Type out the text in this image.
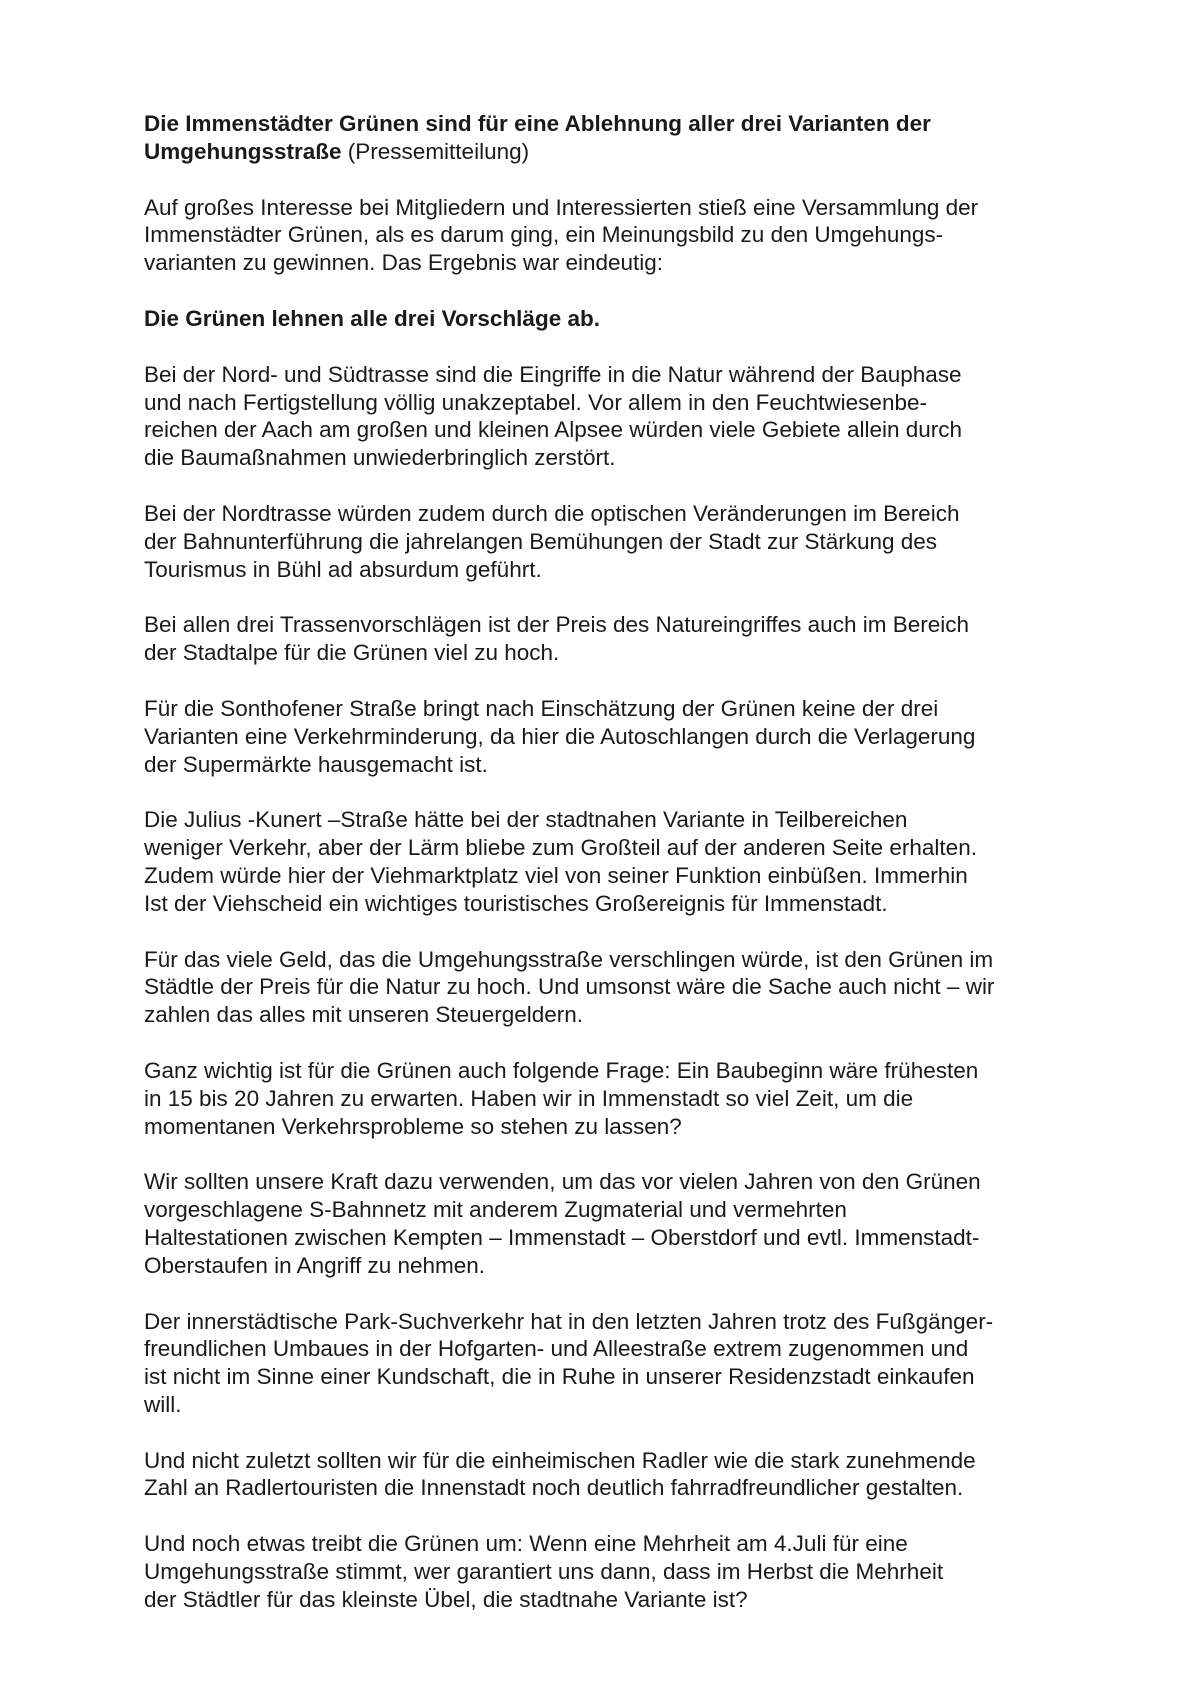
Die Immenstädter Grünen sind für eine Ablehnung aller drei Varianten der
Umgehungsstraße (Pressemitteilung)

Auf großes Interesse bei Mitgliedern und Interessierten stieß eine Versammlung der
Immenstädter Grünen, als es darum ging, ein Meinungsbild zu den Umgehungs-
varianten zu gewinnen. Das Ergebnis war eindeutig:

Die Grünen lehnen alle drei Vorschläge ab.

Bei der Nord- und Südtrasse sind die Eingriffe in die Natur während der Bauphase
und nach Fertigstellung völlig unakzeptabel. Vor allem in den Feuchtwiesenbe-
reichen der Aach am großen und kleinen Alpsee würden viele Gebiete allein durch
die Baumaßnahmen unwiederbringlich zerstört.

Bei der Nordtrasse würden zudem durch die optischen Veränderungen im Bereich
der Bahnunterführung die jahrelangen Bemühungen der Stadt zur Stärkung des
Tourismus in Bühl ad absurdum geführt.

Bei allen drei Trassenvorschlägen ist der Preis des Natureingriffes auch im Bereich
der Stadtalpe für die Grünen viel zu hoch.

Für die Sonthofener Straße bringt nach Einschätzung der Grünen keine der drei
Varianten eine Verkehrminderung, da hier die Autoschlangen durch die Verlagerung
der Supermärkte hausgemacht ist.

Die Julius -Kunert –Straße hätte bei der stadtnahen Variante in Teilbereichen
weniger Verkehr, aber der Lärm bliebe zum Großteil auf der anderen Seite erhalten.
Zudem würde hier der Viehmarktplatz viel von seiner Funktion einbüßen. Immerhin
Ist der Viehscheid ein wichtiges touristisches Großereignis für Immenstadt.

Für das viele Geld, das die Umgehungsstraße verschlingen würde, ist den Grünen im
Städtle der Preis für die Natur zu hoch. Und umsonst wäre die Sache auch nicht – wir
zahlen das alles mit unseren Steuergeldern.

Ganz wichtig ist für die Grünen auch folgende Frage: Ein Baubeginn wäre frühesten
in 15 bis 20 Jahren zu erwarten. Haben wir in Immenstadt so viel Zeit, um die
momentanen Verkehrsprobleme so stehen zu lassen?

Wir sollten unsere Kraft dazu verwenden, um das vor vielen Jahren von den Grünen
vorgeschlagene S-Bahnnetz mit anderem Zugmaterial und vermehrten
Haltestationen zwischen Kempten – Immenstadt – Oberstdorf und evtl. Immenstadt-
Oberstaufen in Angriff zu nehmen.

Der innerstädtische Park-Suchverkehr hat in den letzten Jahren trotz des Fußgänger-
freundlichen Umbaues in der Hofgarten- und Alleestraße extrem zugenommen und
ist nicht im Sinne einer Kundschaft, die in Ruhe in unserer Residenzstadt einkaufen
will.

Und nicht zuletzt sollten wir für die einheimischen Radler wie die stark zunehmende
Zahl an Radlertouristen die Innenstadt noch deutlich fahrradfreundlicher gestalten.

Und noch etwas treibt die Grünen um: Wenn eine Mehrheit am 4.Juli für eine
Umgehungsstraße stimmt, wer garantiert uns dann, dass im Herbst die Mehrheit
der Städtler für das kleinste Übel, die stadtnahe Variante ist?
